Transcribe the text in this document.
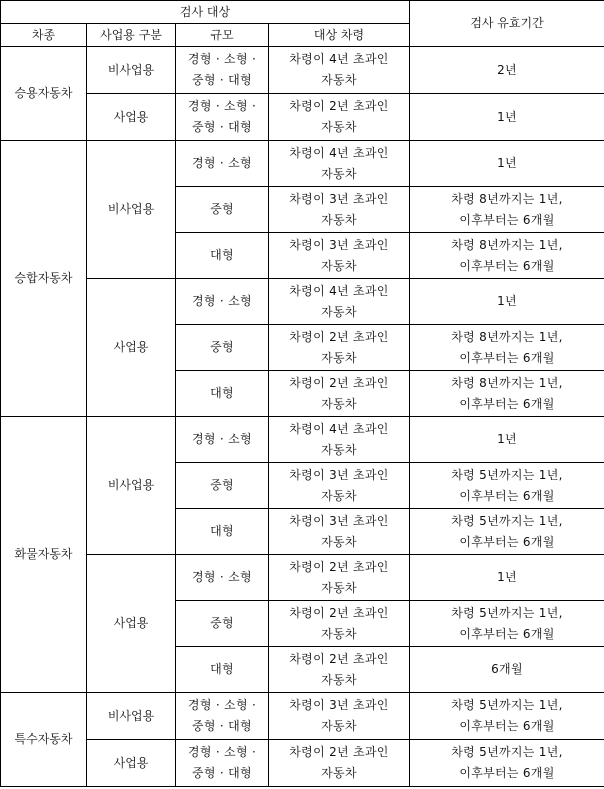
검사 대상				검사 유효기간
차종	사업용 구분	규모	대상 차령	
승용자동차	비사업용	경형 · 소형 ·
중형 · 대형	차령이 4년 초과인
자동차	2년

	사업용	경형 · 소형 ·
중형 · 대형	차령이 2년 초과인
자동차	1년

승합자동차	비사업용	경형 · 소형	차령이 4년 초과인
자동차	1년

		중형	차령이 3년 초과인
자동차	차령 8년까지는 1년,
이후부터는 6개월

		대형	차령이 3년 초과인
자동차	차령 8년까지는 1년,
이후부터는 6개월

	사업용	경형 · 소형	차령이 4년 초과인
자동차	1년

		중형	차령이 2년 초과인
자동차	차령 8년까지는 1년,
이후부터는 6개월

		대형	차령이 2년 초과인
자동차	차령 8년까지는 1년,
이후부터는 6개월

화물자동차	비사업용	경형 · 소형	차령이 4년 초과인
자동차	1년

		중형	차령이 3년 초과인
자동차	차령 5년까지는 1년,
이후부터는 6개월

		대형	차령이 3년 초과인
자동차	차령 5년까지는 1년,
이후부터는 6개월

	사업용	경형 · 소형	차령이 2년 초과인
자동차	1년

		중형	차령이 2년 초과인
자동차	차령 5년까지는 1년,
이후부터는 6개월

		대형	차령이 2년 초과인
자동차	6개월

특수자동차	비사업용	경형 · 소형 ·
중형 · 대형	차령이 3년 초과인
자동차	차령 5년까지는 1년,
이후부터는 6개월

	사업용	경형 · 소형 ·
중형 · 대형	차령이 2년 초과인
자동차	차령 5년까지는 1년,
이후부터는 6개월
